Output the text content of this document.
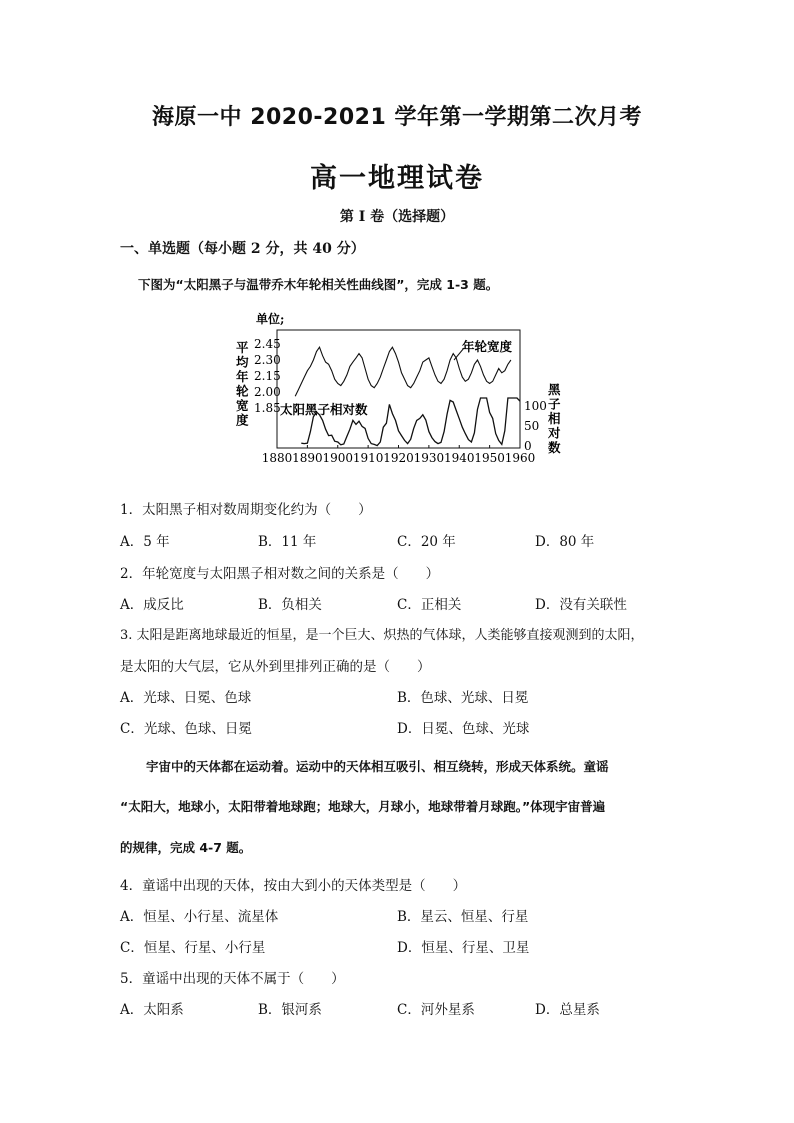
海原一中 2020-2021 学年第一学期第二次月考
高一地理试卷
第 I 卷（选择题）
一、单选题（每小题 2 分，共 40 分）
下图为“太阳黑子与温带乔木年轮相关性曲线图”，完成 1-3 题。
单位;
平
均
年
轮
宽
度
黑
子
相
对
数
2.45
2.30
2.15
2.00
1.85	100
50
0
1880 1890 1900 1910 1920 1930 1940 1950 1960
年轮宽度
太阳黑子相对数
1．太阳黑子相对数周期变化约为（　　）
A．5 年	B．11 年	C．20 年	D．80 年
2．年轮宽度与太阳黑子相对数之间的关系是（　　）
A．成反比	B．负相关	C．正相关	D．没有关联性
3. 太阳是距离地球最近的恒星，是一个巨大、炽热的气体球，人类能够直接观测到的太阳，
是太阳的大气层，它从外到里排列正确的是（　　）
A．光球、日冕、色球	B．色球、光球、日冕
C．光球、色球、日冕	D．日冕、色球、光球
宇宙中的天体都在运动着。运动中的天体相互吸引、相互绕转，形成天体系统。童谣
“太阳大，地球小，太阳带着地球跑；地球大，月球小，地球带着月球跑。”体现宇宙普遍
的规律，完成 4-7 题。
4．童谣中出现的天体，按由大到小的天体类型是（　　）
A．恒星、小行星、流星体	B．星云、恒星、行星
C．恒星、行星、小行星	D．恒星、行星、卫星
5．童谣中出现的天体不属于（　　）
A．太阳系	B．银河系	C．河外星系	D．总星系
